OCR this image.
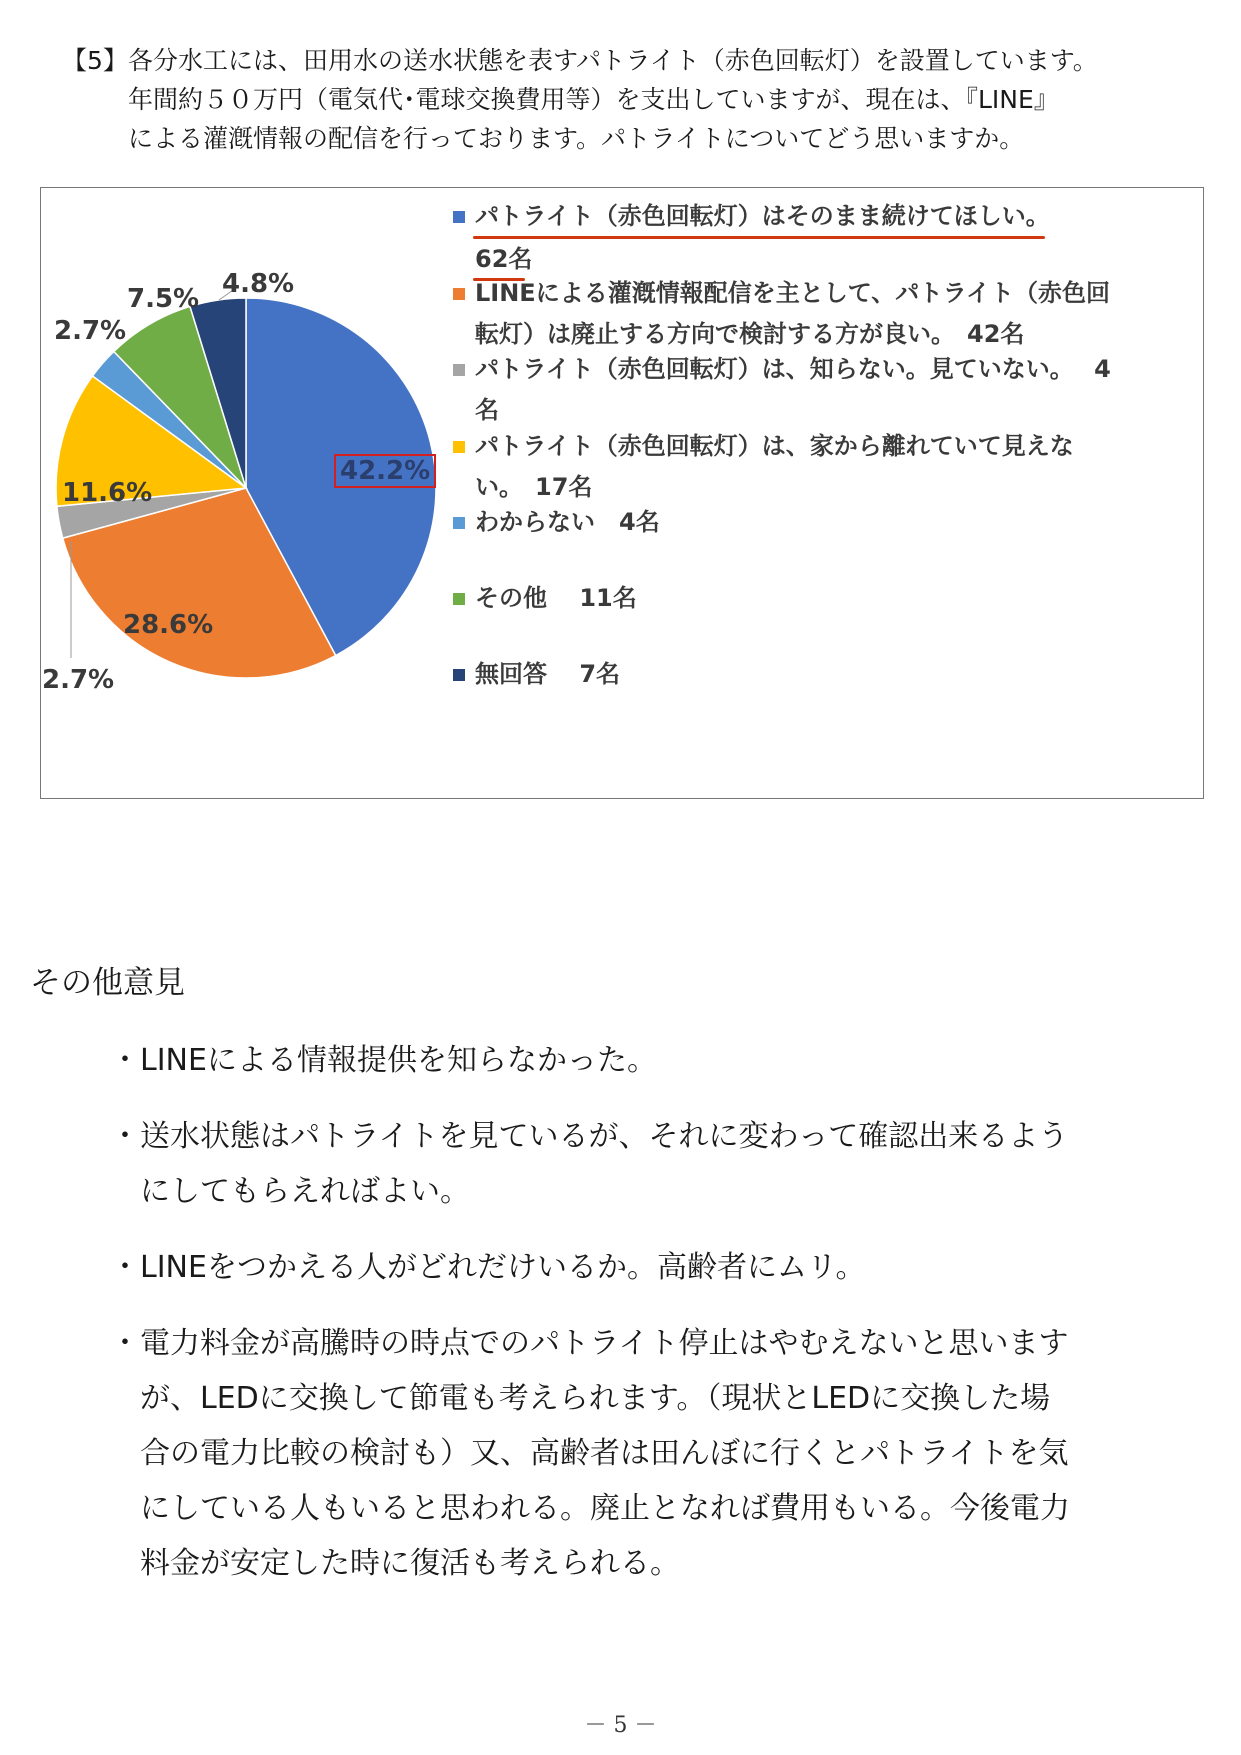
【5】 各分水工には、田用水の送水状態を表すパトライト（赤色回転灯）を設置しています。
年間約５０万円（電気代･電球交換費用等）を支出していますが、現在は、『LINE』
による灌漑情報の配信を行っております。パトライトについてどう思いますか。
42.2%
28.6%
2.7%
11.6%
2.7%
7.5% 4.8%
パトライト（赤色回転灯）はそのまま続けてほしい。
62名
LINEによる灌漑情報配信を主として、パトライト（赤色回
転灯）は廃止する方向で検討する方が良い。　42名
パトライト（赤色回転灯）は、知らない。見ていない。　 4
名
パトライト（赤色回転灯）は、家から離れていて見えな
い。　17名
わからない　4名
その他　 11名
無回答　 7名
その他意見
・ LINEによる情報提供を知らなかった。
・ 送水状態はパトライトを見ているが、それに変わって確認出来るよう
にしてもらえればよい。
・ LINEをつかえる人がどれだけいるか。高齢者にムリ。
・ 電力料金が高騰時の時点でのパトライト停止はやむえないと思います
が、LEDに交換して節電も考えられます。（現状とLEDに交換した場
合の電力比較の検討も）又、高齢者は田んぼに行くとパトライトを気
にしている人もいると思われる。廃止となれば費用もいる。今後電力
料金が安定した時に復活も考えられる。
－ 5 －
